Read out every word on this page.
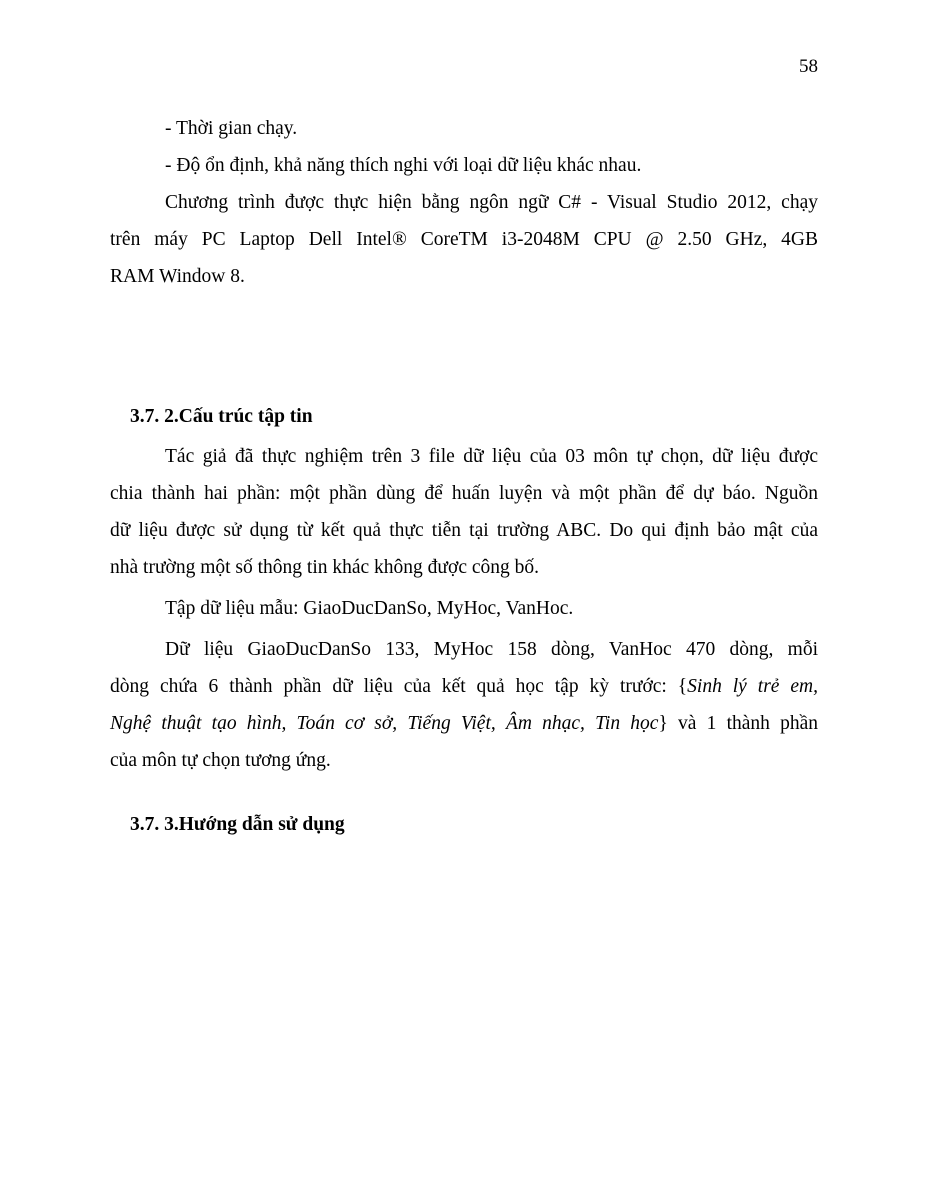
58
- Thời gian chạy.
- Độ ổn định, khả năng thích nghi với loại dữ liệu khác nhau.
Chương trình được thực hiện bằng ngôn ngữ C# - Visual Studio 2012, chạy
trên máy PC Laptop Dell Intel® CoreTM i3-2048M CPU @ 2.50 GHz, 4GB
RAM Window 8.
3.7. 2.Cấu trúc tập tin
Tác giả đã thực nghiệm trên 3 file dữ liệu của 03 môn tự chọn, dữ liệu được
chia thành hai phần: một phần dùng để huấn luyện và một phần để dự báo. Nguồn
dữ liệu được sử dụng từ kết quả thực tiễn tại trường ABC. Do qui định bảo mật của
nhà trường một số thông tin khác không được công bố.
Tập dữ liệu mẫu: GiaoDucDanSo, MyHoc, VanHoc.
Dữ liệu GiaoDucDanSo 133, MyHoc 158 dòng, VanHoc 470 dòng, mỗi
dòng chứa 6 thành phần dữ liệu của kết quả học tập kỳ trước: {Sinh lý trẻ em,
Nghệ thuật tạo hình, Toán cơ sở, Tiếng Việt, Âm nhạc, Tin học} và 1 thành phần
của môn tự chọn tương ứng.
3.7. 3.Hướng dẫn sử dụng
